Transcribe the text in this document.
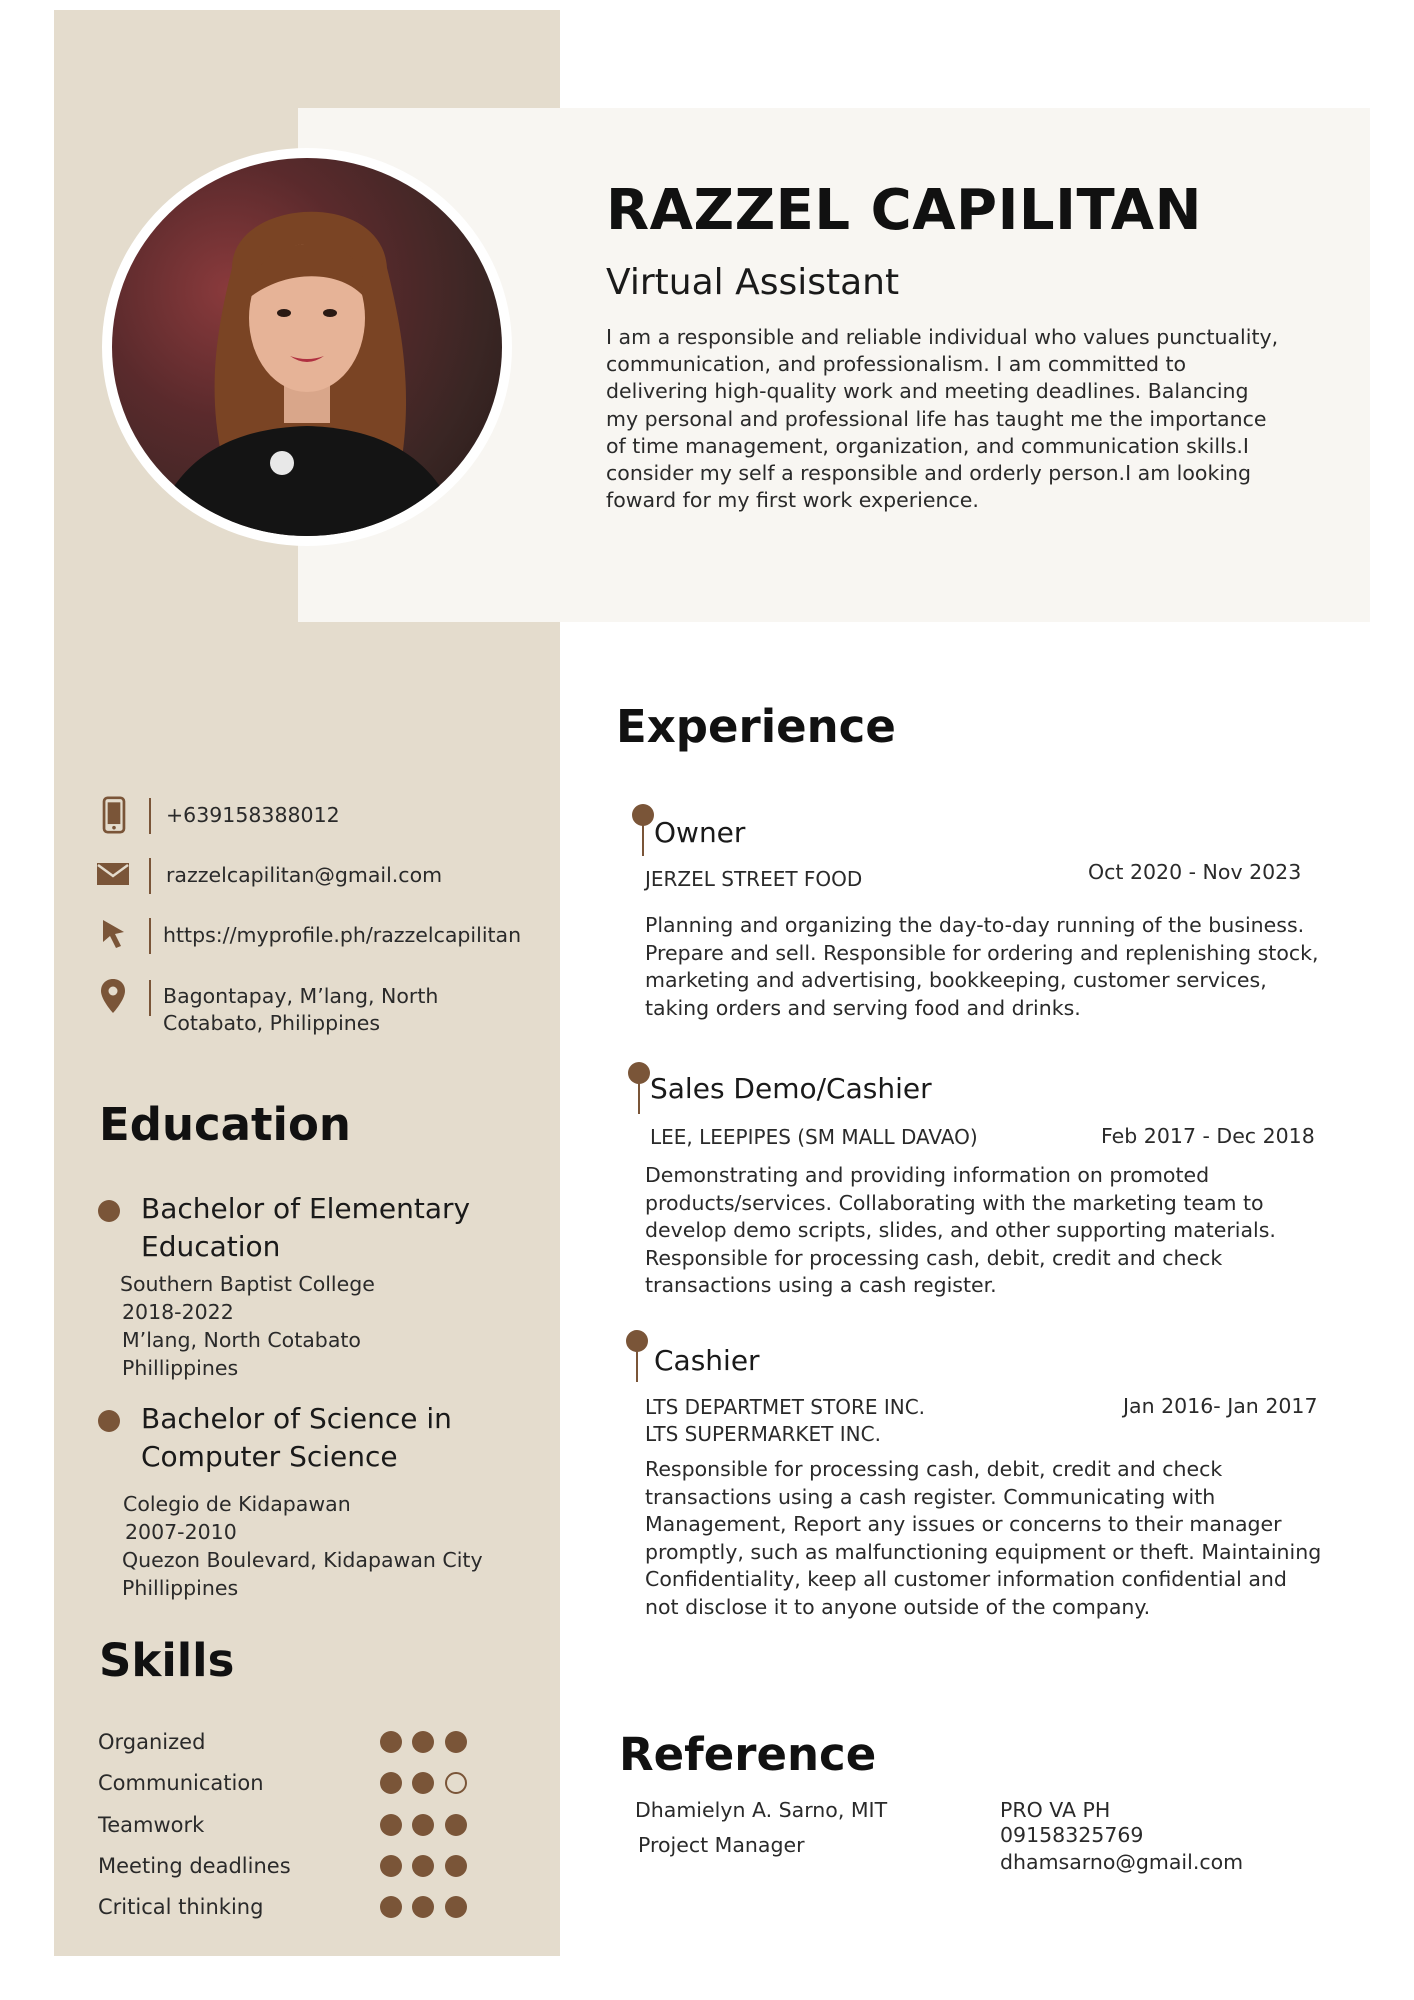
RAZZEL CAPILITAN
Virtual Assistant
I am a responsible and reliable individual who values punctuality, communication, and professionalism. I am committed to delivering high-quality work and meeting deadlines. Balancing my personal and professional life has taught me the importance of time management, organization, and communication skills.I consider my self a responsible and orderly person.I am looking foward for my first work experience.
+639158388012
razzelcapilitan@gmail.com
https://myprofile.ph/razzelcapilitan
Bagontapay, M’lang, North
Cotabato, Philippines
Education
Bachelor of Elementary
Education
Southern Baptist College
2018-2022
M’lang, North Cotabato
Phillippines
Bachelor of Science in
Computer Science
Colegio de Kidapawan
2007-2010
Quezon Boulevard, Kidapawan City
Phillippines
Skills
Organized
Communication
Teamwork
Meeting deadlines
Critical thinking
Experience
Owner
JERZEL STREET FOOD	Oct 2020 - Nov 2023
Planning and organizing the day-to-day running of the business. Prepare and sell. Responsible for ordering and replenishing stock, marketing and advertising, bookkeeping, customer services, taking orders and serving food and drinks.
Sales Demo/Cashier
LEE, LEEPIPES (SM MALL DAVAO)	Feb 2017 - Dec 2018
Demonstrating and providing information on promoted products/services. Collaborating with the marketing team to develop demo scripts, slides, and other supporting materials. Responsible for processing cash, debit, credit and check transactions using a cash register.
Cashier
LTS DEPARTMET STORE INC.
LTS SUPERMARKET INC.
Jan 2016- Jan 2017
Responsible for processing cash, debit, credit and check transactions using a cash register. Communicating with Management, Report any issues or concerns to their manager promptly, such as malfunctioning equipment or theft. Maintaining Confidentiality, keep all customer information confidential and not disclose it to anyone outside of the company.
Reference
Dhamielyn A. Sarno, MIT
Project Manager
PRO VA PH
09158325769
dhamsarno@gmail.com
